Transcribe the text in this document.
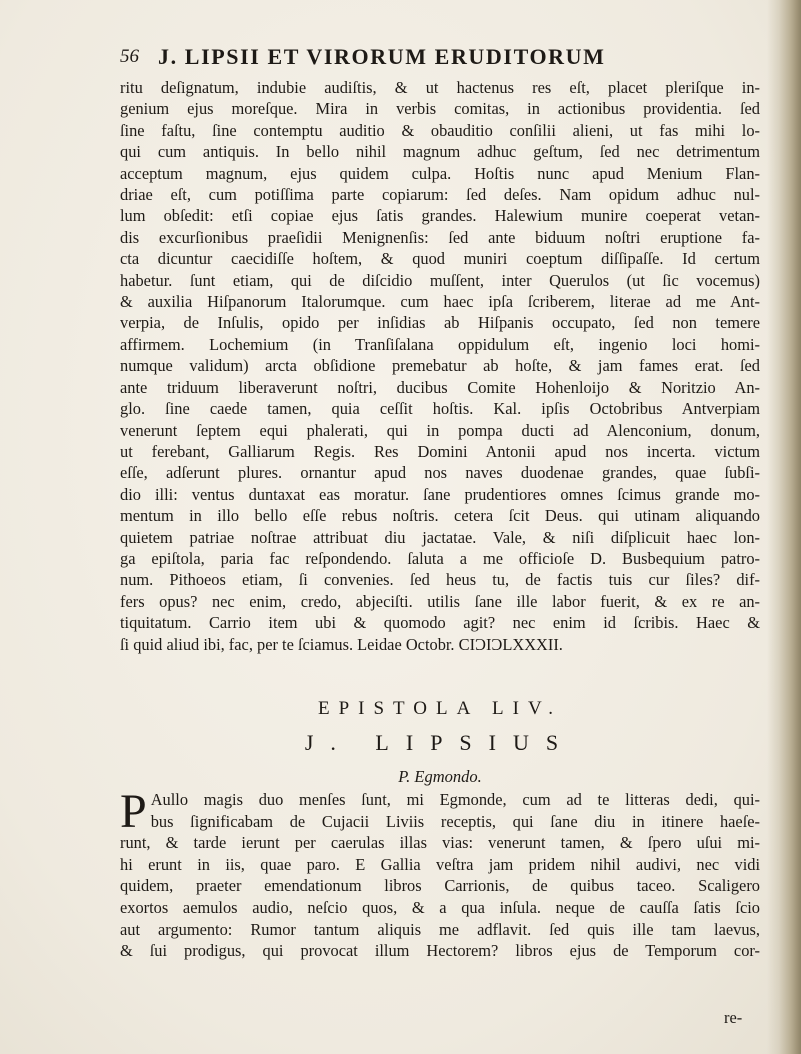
56 J. LIPSII ET VIRORUM ERUDITORUM
ritu deſignatum, indubie audiſtis, & ut hactenus res eſt, placet pleriſque in-
genium ejus moreſque. Mira in verbis comitas, in actionibus providentia. ſed
ſine faſtu, ſine contemptu auditio & obauditio conſilii alieni, ut fas mihi lo-
qui cum antiquis. In bello nihil magnum adhuc geſtum, ſed nec detrimentum
acceptum magnum, ejus quidem culpa. Hoſtis nunc apud Menium Flan-
driae eſt, cum potiſſima parte copiarum: ſed deſes. Nam opidum adhuc nul-
lum obſedit: etſi copiae ejus ſatis grandes. Halewium munire coeperat vetan-
dis excurſionibus praeſidii Menignenſis: ſed ante biduum noſtri eruptione fa-
cta dicuntur caecidiſſe hoſtem, & quod muniri coeptum diſſipaſſe. Id certum
habetur. ſunt etiam, qui de diſcidio muſſent, inter Querulos (ut ſic vocemus)
& auxilia Hiſpanorum Italorumque. cum haec ipſa ſcriberem, literae ad me Ant-
verpia, de Inſulis, opido per inſidias ab Hiſpanis occupato, ſed non temere
affirmem. Lochemium (in Tranſiſalana oppidulum eſt, ingenio loci homi-
numque validum) arcta obſidione premebatur ab hoſte, & jam fames erat. ſed
ante triduum liberaverunt noſtri, ducibus Comite Hohenloijo & Noritzio An-
glo. ſine caede tamen, quia ceſſit hoſtis. Kal. ipſis Octobribus Antverpiam
venerunt ſeptem equi phalerati, qui in pompa ducti ad Alenconium, donum,
ut ferebant, Galliarum Regis. Res Domini Antonii apud nos incerta. victum
eſſe, adſerunt plures. ornantur apud nos naves duodenae grandes, quae ſubſi-
dio illi: ventus duntaxat eas moratur. ſane prudentiores omnes ſcimus grande mo-
mentum in illo bello eſſe rebus noſtris. cetera ſcit Deus. qui utinam aliquando
quietem patriae noſtrae attribuat diu jactatae. Vale, & niſi diſplicuit haec lon-
ga epiſtola, paria fac reſpondendo. ſaluta a me officioſe D. Busbequium patro-
num. Pithoeos etiam, ſi convenies. ſed heus tu, de factis tuis cur ſiles? dif-
fers opus? nec enim, credo, abjeciſti. utilis ſane ille labor fuerit, & ex re an-
tiquitatum. Carrio item ubi & quomodo agit? nec enim id ſcribis. Haec &
ſi quid aliud ibi, fac, per te ſciamus. Leidae Octobr. CIƆIƆLXXXII.
EPISTOLA LIV.
J. LIPSIUS
P. Egmondo.
P Aullo magis duo menſes ſunt, mi Egmonde, cum ad te litteras dedi, qui-
bus ſignificabam de Cujacii Liviis receptis, qui ſane diu in itinere haeſe-
runt, & tarde ierunt per caerulas illas vias: venerunt tamen, & ſpero uſui mi-
hi erunt in iis, quae paro. E Gallia veſtra jam pridem nihil audivi, nec vidi
quidem, praeter emendationum libros Carrionis, de quibus taceo. Scaligero
exortos aemulos audio, neſcio quos, & a qua inſula. neque de cauſſa ſatis ſcio
aut argumento: Rumor tantum aliquis me adflavit. ſed quis ille tam laevus,
& ſui prodigus, qui provocat illum Hectorem? libros ejus de Temporum cor-
re-
